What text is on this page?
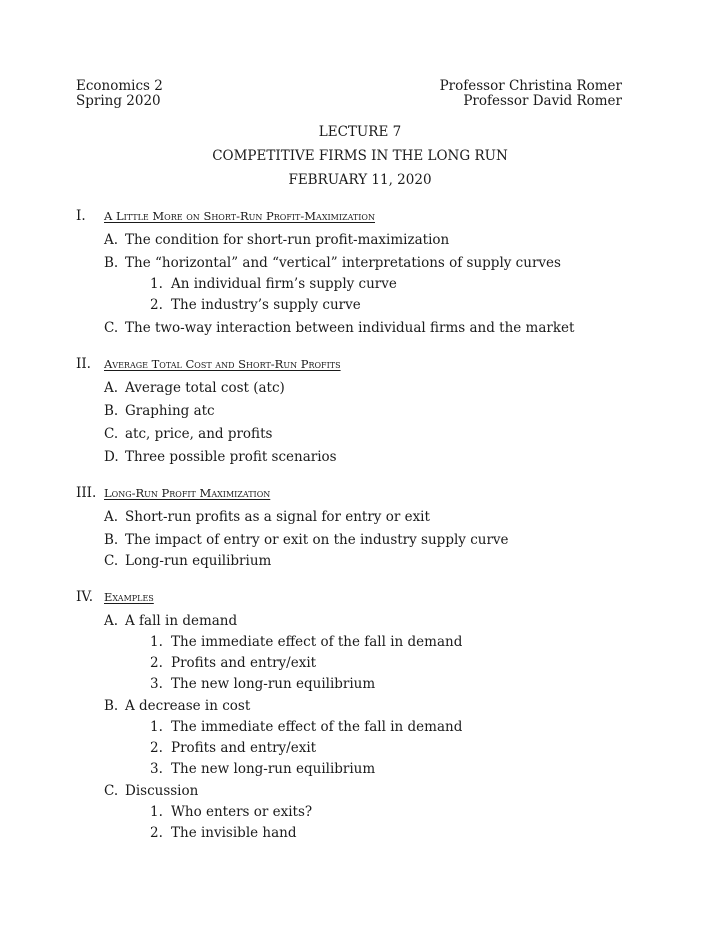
Economics 2
Spring 2020
Professor Christina Romer
Professor David Romer
LECTURE 7
COMPETITIVE FIRMS IN THE LONG RUN
FEBRUARY 11, 2020
I. A Little More on Short-Run Profit-Maximization
A. The condition for short-run profit-maximization
B. The “horizontal” and “vertical” interpretations of supply curves
1. An individual firm’s supply curve
2. The industry’s supply curve
C. The two-way interaction between individual firms and the market
II. Average Total Cost and Short-Run Profits
A. Average total cost (atc)
B. Graphing atc
C. atc, price, and profits
D. Three possible profit scenarios
III. Long-Run Profit Maximization
A. Short-run profits as a signal for entry or exit
B. The impact of entry or exit on the industry supply curve
C. Long-run equilibrium
IV. Examples
A. A fall in demand
1. The immediate effect of the fall in demand
2. Profits and entry/exit
3. The new long-run equilibrium
B. A decrease in cost
1. The immediate effect of the fall in demand
2. Profits and entry/exit
3. The new long-run equilibrium
C. Discussion
1. Who enters or exits?
2. The invisible hand
